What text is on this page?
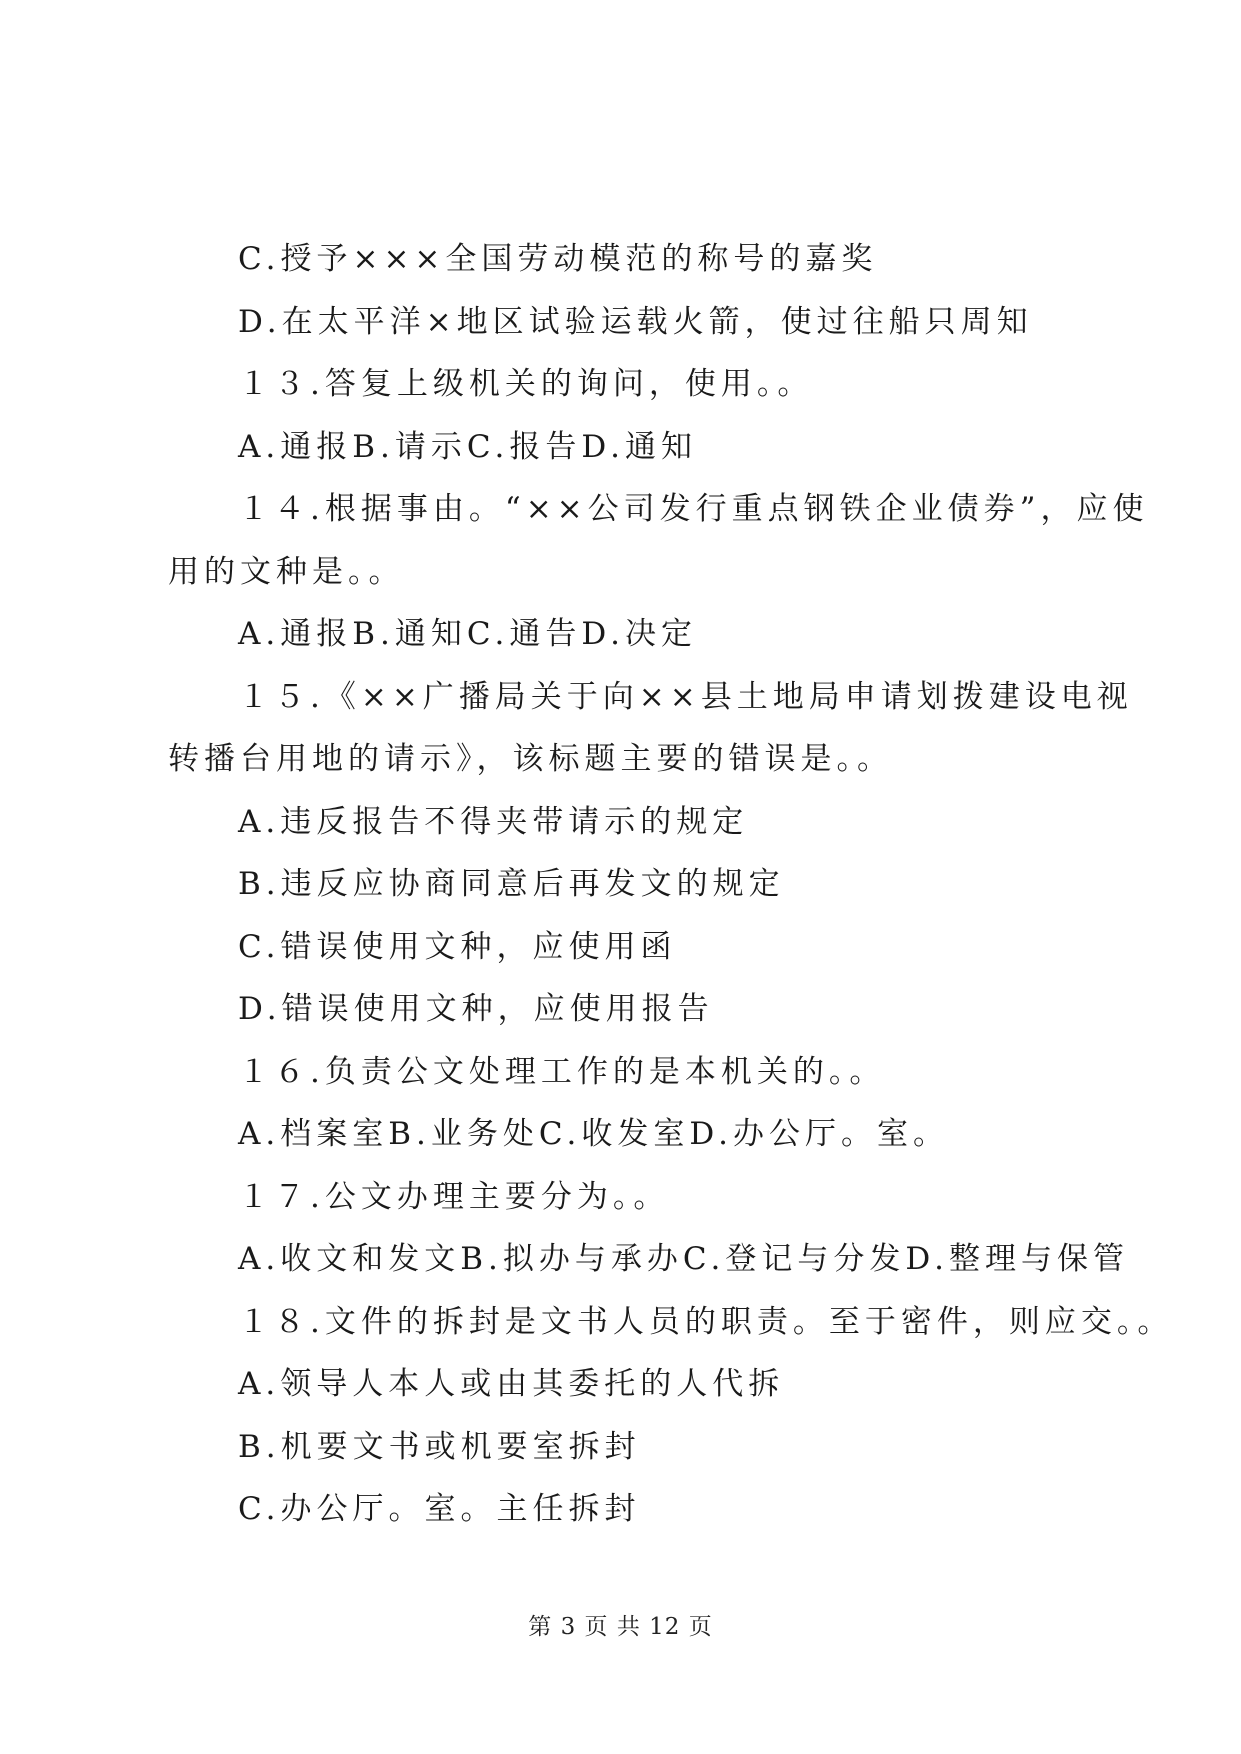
C.授予×××全国劳动模范的称号的嘉奖

D.在太平洋×地区试验运载火箭，使过往船只周知

１３.答复上级机关的询问，使用。。

A.通报B.请示C.报告D.通知

１４.根据事由。“××公司发行重点钢铁企业债券”，应使

用的文种是。。

A.通报B.通知C.通告D.决定

１５.《××广播局关于向××县土地局申请划拨建设电视

转播台用地的请示》，该标题主要的错误是。。

A.违反报告不得夹带请示的规定

B.违反应协商同意后再发文的规定

C.错误使用文种，应使用函

D.错误使用文种，应使用报告

１６.负责公文处理工作的是本机关的。。

A.档案室B.业务处C.收发室D.办公厅。室。

１７.公文办理主要分为。。

A.收文和发文B.拟办与承办C.登记与分发D.整理与保管

１８.文件的拆封是文书人员的职责。至于密件，则应交。。

A.领导人本人或由其委托的人代拆

B.机要文书或机要室拆封

C.办公厅。室。主任拆封

第 3 页 共 12 页
